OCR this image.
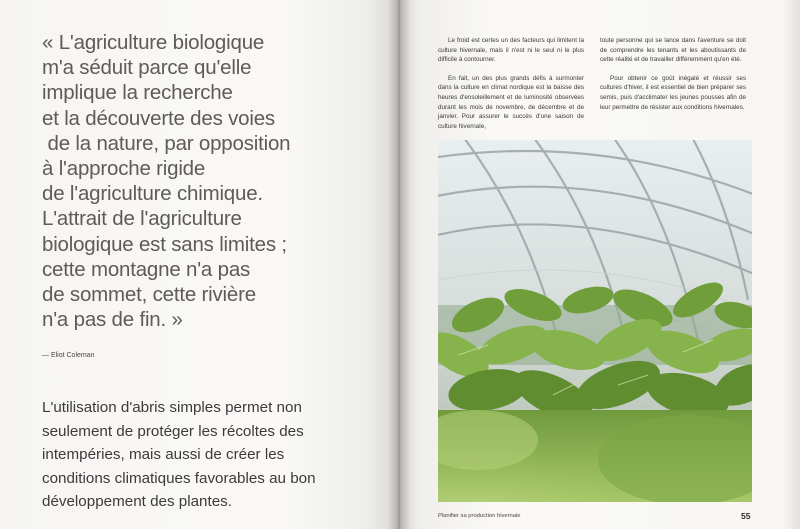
« L'agriculture biologique
m'a séduit parce qu'elle
implique la recherche
et la découverte des voies
de la nature, par opposition
à l'approche rigide
de l'agriculture chimique.
L'attrait de l'agriculture
biologique est sans limites ;
cette montagne n'a pas
de sommet, cette rivière
n'a pas de fin. »
— Eliot Coleman
L'utilisation d'abris simples permet non
seulement de protéger les récoltes des
intempéries, mais aussi de créer les
conditions climatiques favorables au bon
développement des plantes.
Le froid est certes un des facteurs qui limitent la culture hivernale, mais il n'est ni le seul ni le plus difficile à contourner.
En fait, un des plus grands défis à surmonter dans la culture en climat nordique est la baisse des heures d'ensoleillement et de luminosité observées durant les mois de novembre, de décembre et de janvier. Pour assurer le succès d'une saison de culture hivernale,
toute personne qui se lance dans l'aventure se doit de comprendre les tenants et les aboutissants de cette réalité et de travailler différemment qu'en été.
Pour obtenir ce goût inégalé et réussir ses cultures d'hiver, il est essentiel de bien préparer ses semis, puis d'acclimater les jeunes pousses afin de leur permettre de résister aux conditions hivernales.
Planifier sa production hivernale	55
